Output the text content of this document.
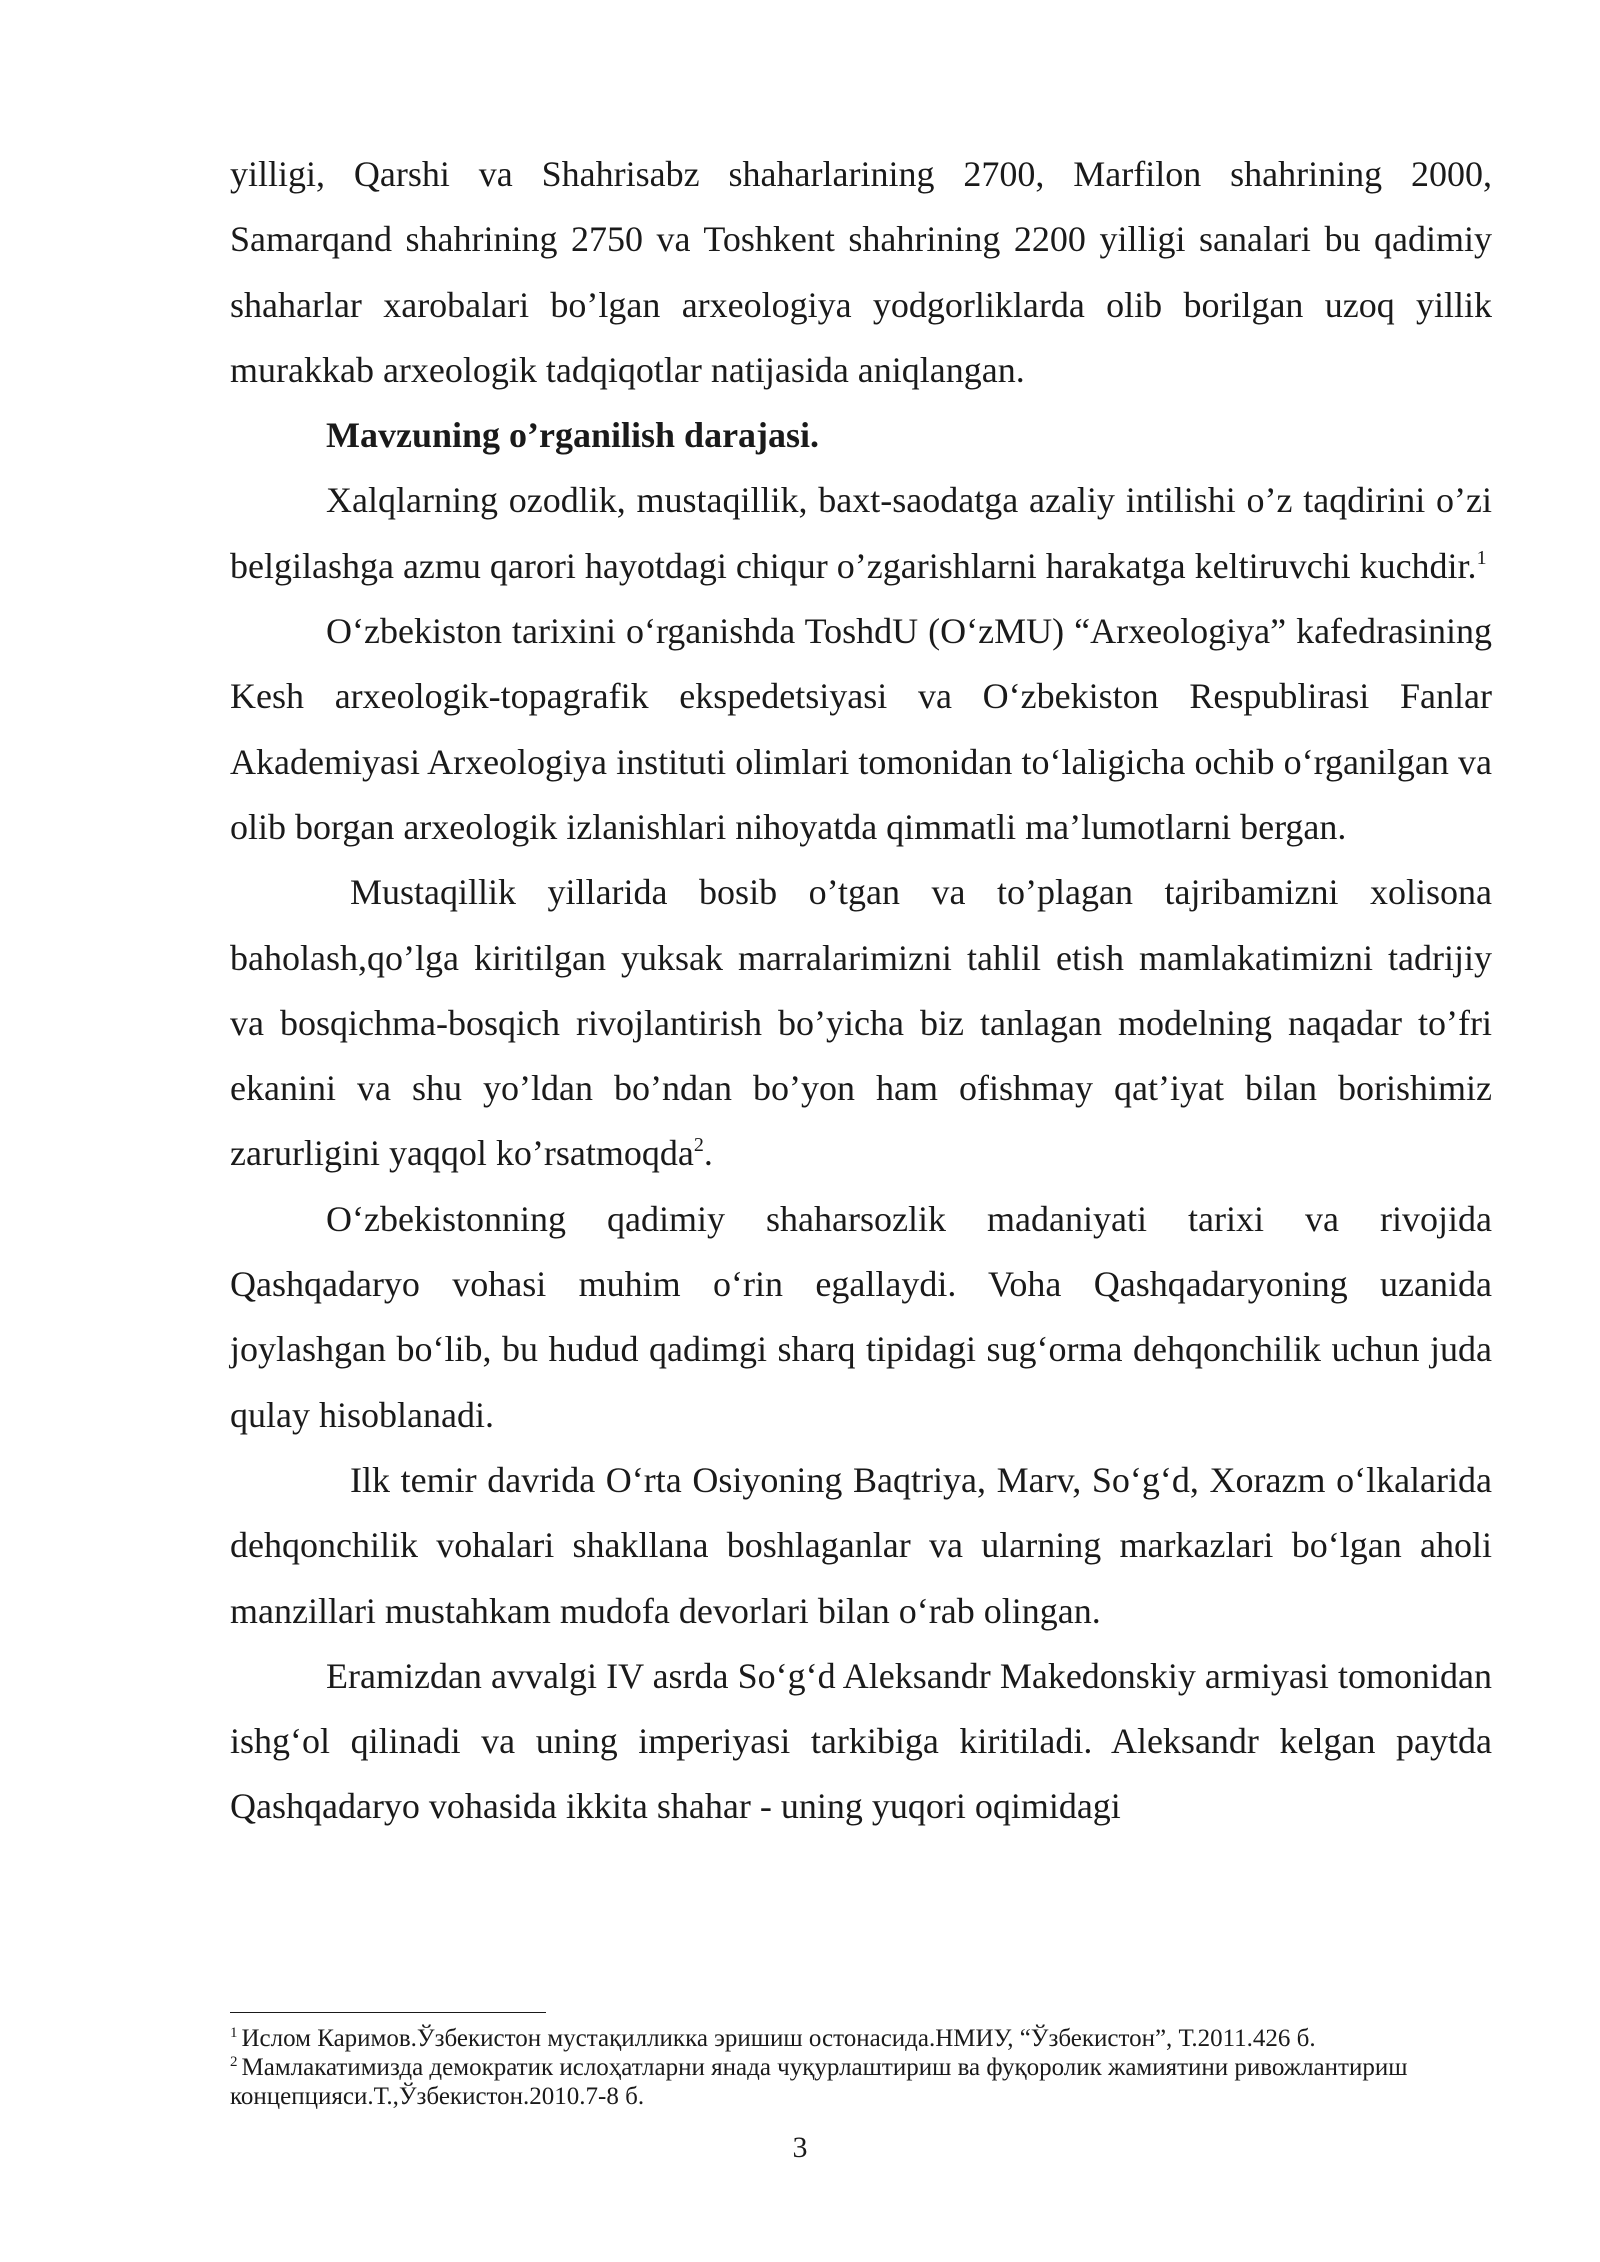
yilligi, Qarshi va Shahrisabz shaharlarining 2700, Marfilon shahrining 2000, Samarqand shahrining 2750 va Toshkent shahrining 2200 yilligi sanalari bu qadimiy shaharlar xarobalari bo’lgan arxeologiya yodgorliklarda olib borilgan uzoq yillik murakkab arxeologik tadqiqotlar natijasida aniqlangan.

Mavzuning o’rganilish darajasi.

Xalqlarning ozodlik, mustaqillik, baxt-saodatga azaliy intilishi o’z taqdirini o’zi belgilashga azmu qarori hayotdagi chiqur o’zgarishlarni harakatga keltiruvchi kuchdir.$^1$

O‘zbekiston tarixini o‘rganishda ToshdU (O‘zMU) “Arxeologiya” kafedrasining Kesh arxeologik-topagrafik ekspedetsiyasi va O‘zbekiston Respublirasi Fanlar Akademiyasi Arxeologiya instituti olimlari tomonidan to‘laligicha ochib o‘rganilgan va olib borgan arxeologik izlanishlari nihoyatda qimmatli ma’lumotlarni bergan.

Mustaqillik yillarida bosib o’tgan va to’plagan tajribamizni xolisona baholash,qo’lga kiritilgan yuksak marralarimizni tahlil etish mamlakatimizni tadrijiy va bosqichma-bosqich rivojlantirish bo’yicha biz tanlagan modelning naqadar to’fri ekanini va shu yo’ldan bo’ndan bo’yon ham ofishmay qat’iyat bilan borishimiz zarurligini yaqqol ko’rsatmoqda$^2$.

O‘zbekistonning qadimiy shaharsozlik madaniyati tarixi va rivojida Qashqadaryo vohasi muhim o‘rin egallaydi. Voha Qashqadaryoning uzanida joylashgan bo‘lib, bu hudud qadimgi sharq tipidagi sug‘orma dehqonchilik uchun juda qulay hisoblanadi.

Ilk temir davrida O‘rta Osiyoning Baqtriya, Marv, So‘g‘d, Xorazm o‘lkalarida dehqonchilik vohalari shakllana boshlaganlar va ularning markazlari bo‘lgan aholi manzillari mustahkam mudofa devorlari bilan o‘rab olingan.

Eramizdan avvalgi IV asrda So‘g‘d Aleksandr Makedonskiy armiyasi tomonidan ishg‘ol qilinadi va uning imperiyasi tarkibiga kiritiladi. Aleksandr kelgan paytda Qashqadaryo vohasida ikkita shahar - uning yuqori oqimidagi

$^1$ Ислом Каримов.Ўзбекистон мустақилликка эришиш остонасида.НМИУ, “Ўзбекистон”, Т.2011.426 б.

$^2$ Мамлакатимизда демократик ислоҳатларни янада чуқурлаштириш ва фуқоролик жамиятини ривожлантириш концепцияси.Т.,Ўзбекистон.2010.7-8 б.

3
